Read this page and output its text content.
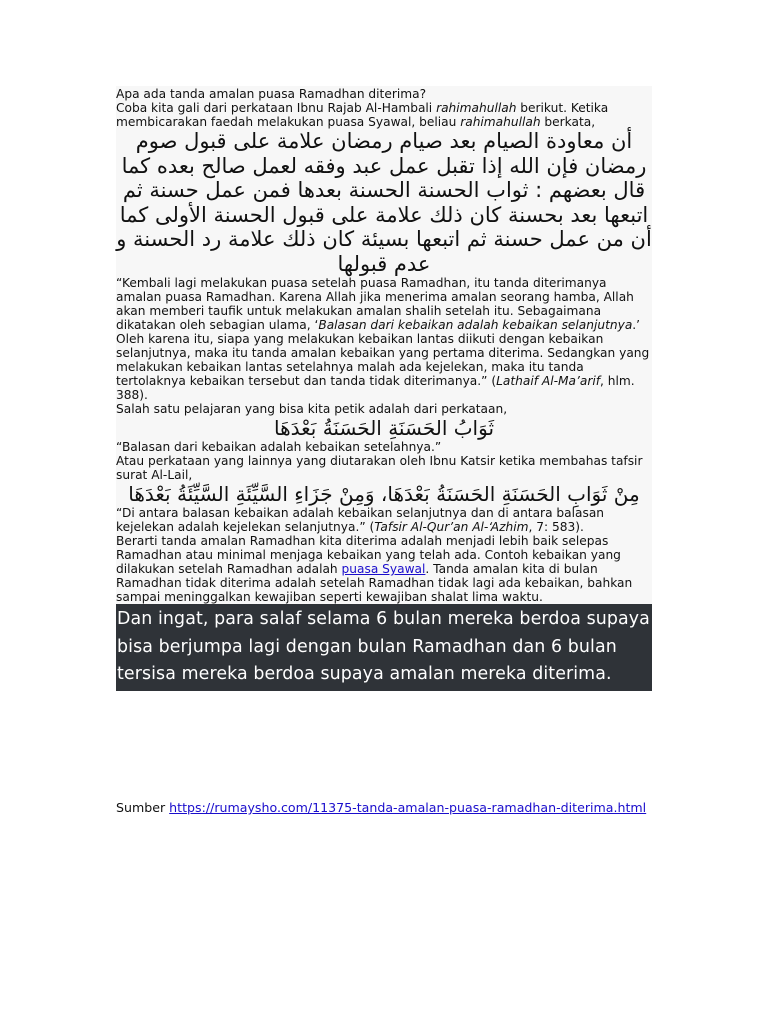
Apa ada tanda amalan puasa Ramadhan diterima?

Coba kita gali dari perkataan Ibnu Rajab Al-Hambali rahimahullah berikut. Ketika membicarakan faedah melakukan puasa Syawal, beliau rahimahullah berkata,

أن معاودة الصيام بعد صيام رمضان علامة على قبول صوم رمضان فإن الله إذا تقبل عمل عبد وفقه لعمل صالح بعده كما قال بعضهم : ثواب الحسنة الحسنة بعدها فمن عمل حسنة ثم اتبعها بعد بحسنة كان ذلك علامة على قبول الحسنة الأولى كما أن من عمل حسنة ثم اتبعها بسيئة كان ذلك علامة رد الحسنة و عدم قبولها

“Kembali lagi melakukan puasa setelah puasa Ramadhan, itu tanda diterimanya amalan puasa Ramadhan. Karena Allah jika menerima amalan seorang hamba, Allah akan memberi taufik untuk melakukan amalan shalih setelah itu. Sebagaimana dikatakan oleh sebagian ulama, ‘Balasan dari kebaikan adalah kebaikan selanjutnya.’ Oleh karena itu, siapa yang melakukan kebaikan lantas diikuti dengan kebaikan selanjutnya, maka itu tanda amalan kebaikan yang pertama diterima. Sedangkan yang melakukan kebaikan lantas setelahnya malah ada kejelekan, maka itu tanda tertolaknya kebaikan tersebut dan tanda tidak diterimanya.” (Lathaif Al-Ma’arif, hlm. 388).

Salah satu pelajaran yang bisa kita petik adalah dari perkataan,

ثَوَابُ الحَسَنَةِ الحَسَنَةُ بَعْدَهَا

“Balasan dari kebaikan adalah kebaikan setelahnya.”

Atau perkataan yang lainnya yang diutarakan oleh Ibnu Katsir ketika membahas tafsir surat Al-Lail,

مِنْ ثَوَابِ الحَسَنَةِ الحَسَنَةُ بَعْدَهَا، وَمِنْ جَزَاءِ السَّيِّئَةِ السَّيِّئَةُ بَعْدَهَا

“Di antara balasan kebaikan adalah kebaikan selanjutnya dan di antara balasan kejelekan adalah kejelekan selanjutnya.” (Tafsir Al-Qur’an Al-‘Azhim, 7: 583).

Berarti tanda amalan Ramadhan kita diterima adalah menjadi lebih baik selepas Ramadhan atau minimal menjaga kebaikan yang telah ada. Contoh kebaikan yang dilakukan setelah Ramadhan adalah puasa Syawal. Tanda amalan kita di bulan Ramadhan tidak diterima adalah setelah Ramadhan tidak lagi ada kebaikan, bahkan sampai meninggalkan kewajiban seperti kewajiban shalat lima waktu.

Dan ingat, para salaf selama 6 bulan mereka berdoa supaya bisa berjumpa lagi dengan bulan Ramadhan dan 6 bulan tersisa mereka berdoa supaya amalan mereka diterima.
Sumber https://rumaysho.com/11375-tanda-amalan-puasa-ramadhan-diterima.html
